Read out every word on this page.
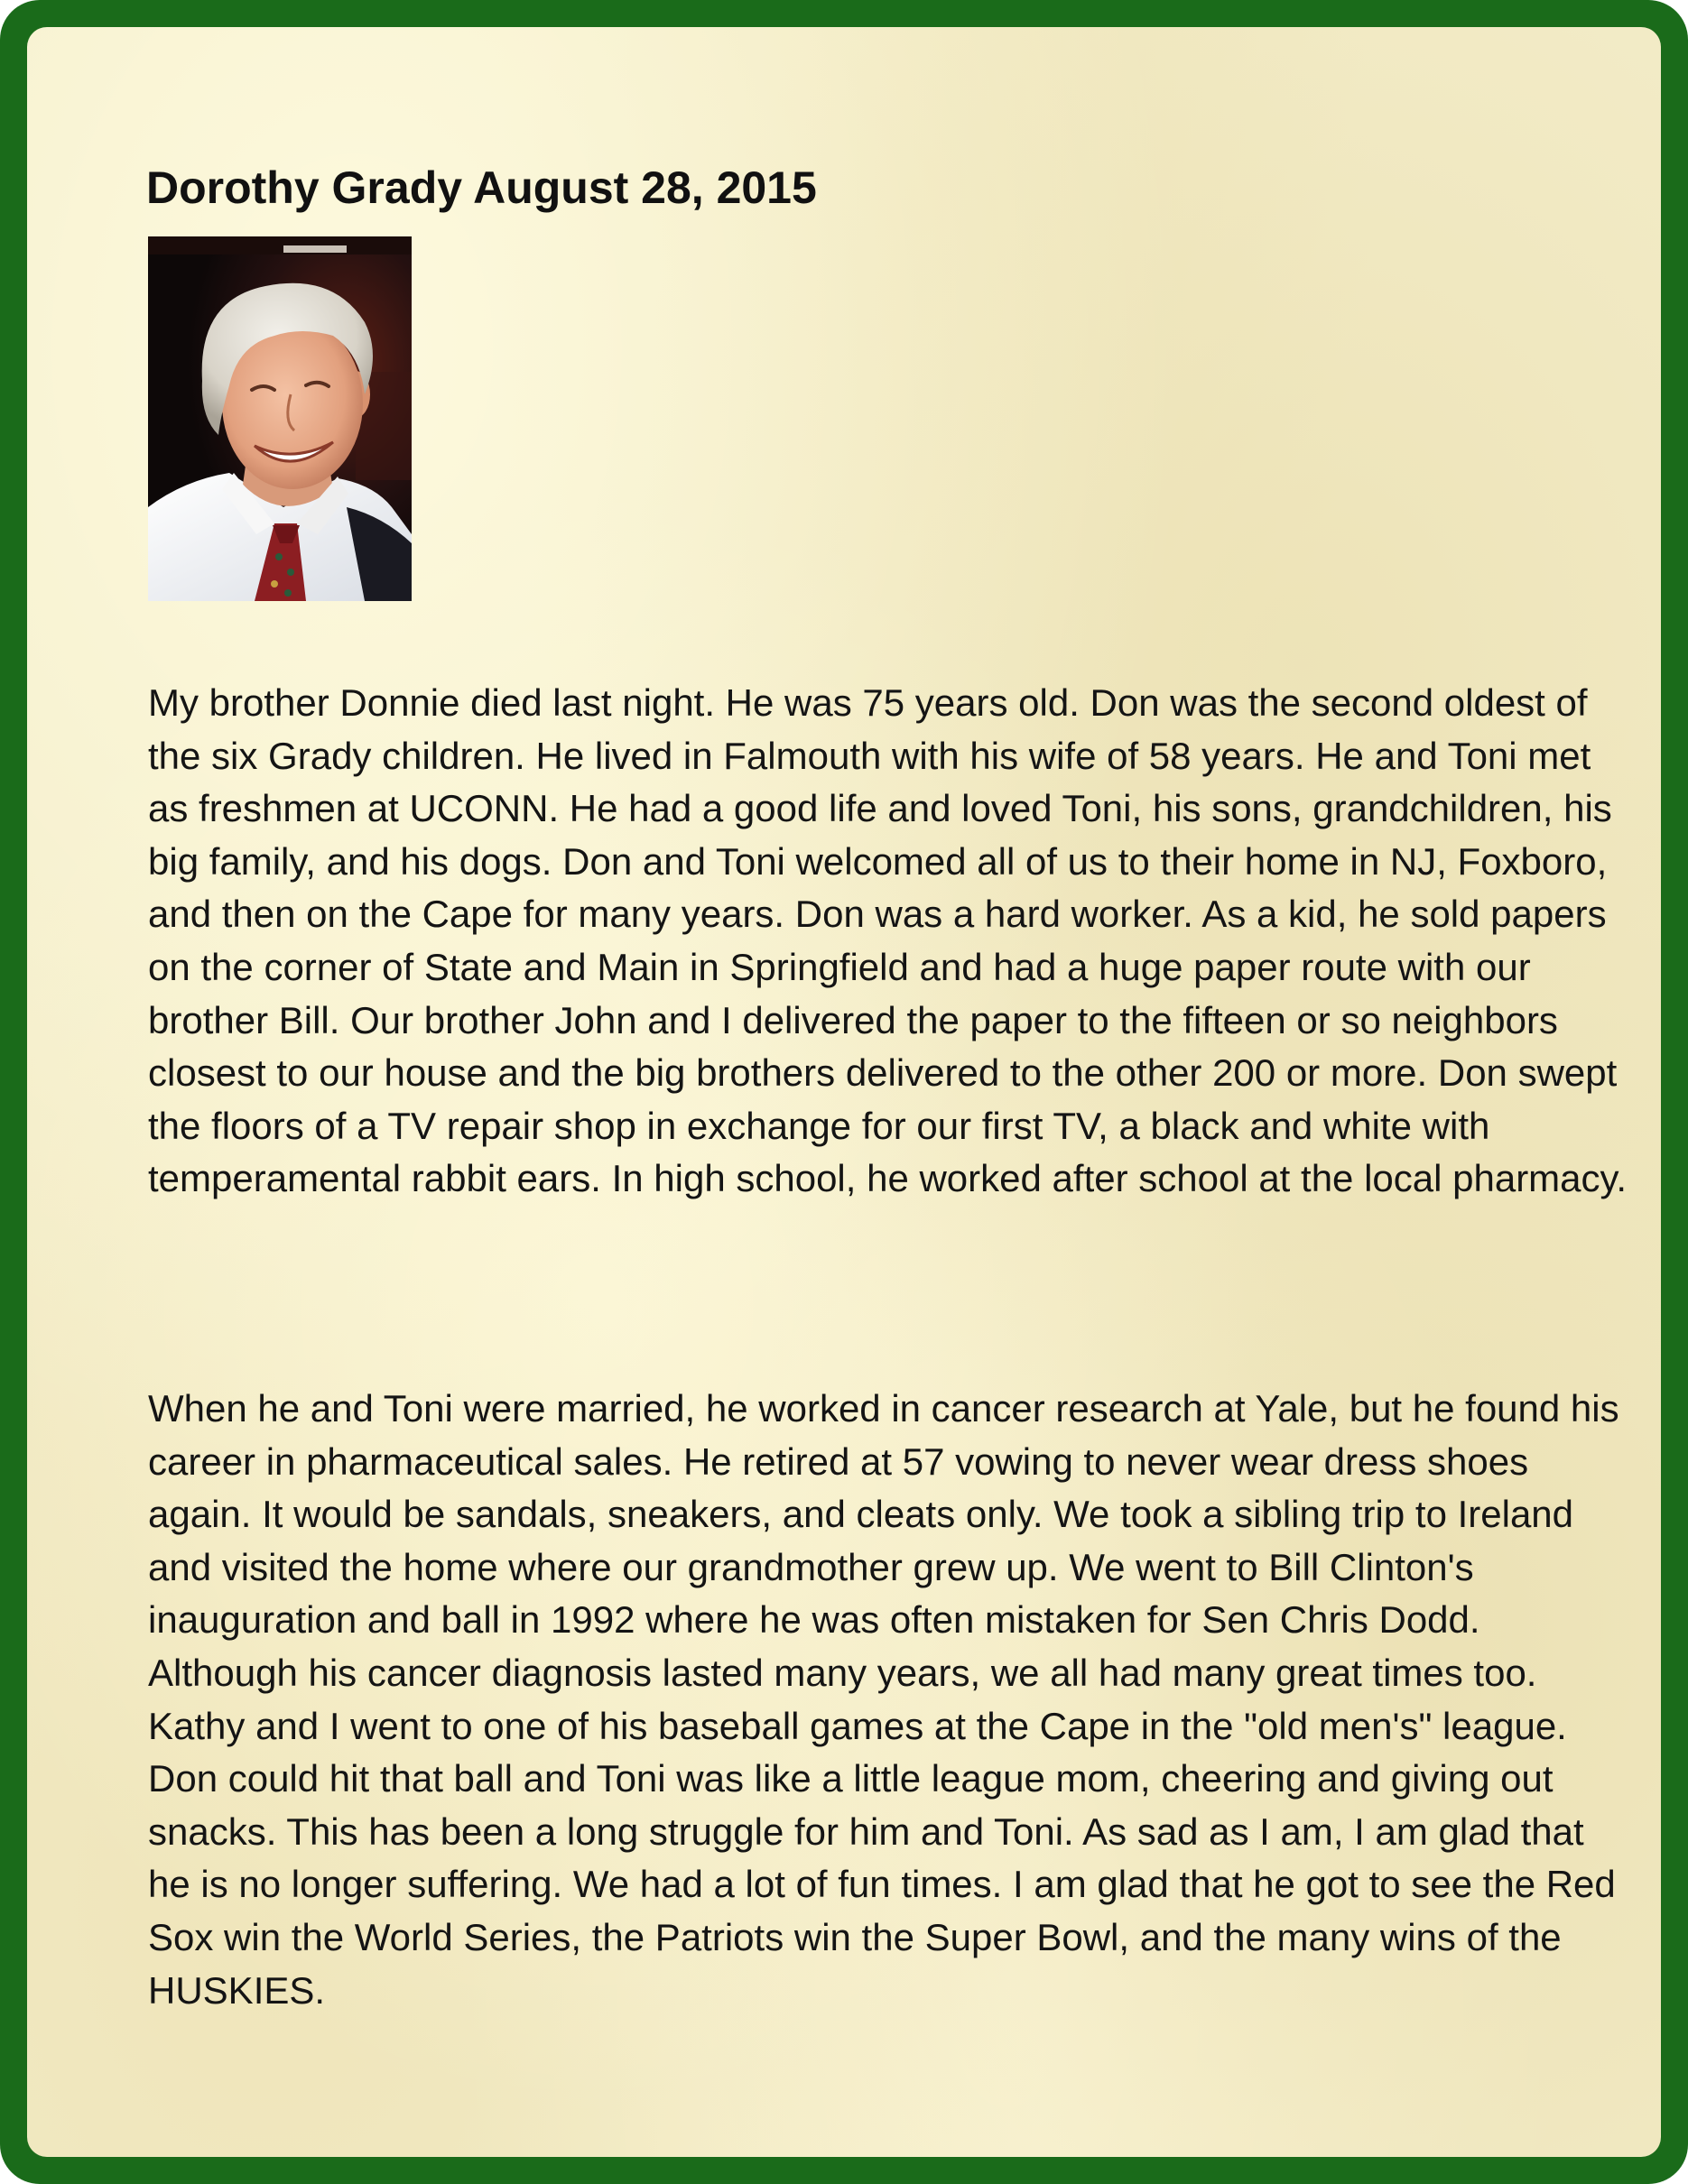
Dorothy Grady August 28, 2015

My brother Donnie died last night. He was 75 years old. Don was the second oldest of the six Grady children. He lived in Falmouth with his wife of 58 years. He and Toni met as freshmen at UCONN. He had a good life and loved Toni, his sons, grandchildren, his big family, and his dogs. Don and Toni welcomed all of us to their home in NJ, Foxboro, and then on the Cape for many years. Don was a hard worker. As a kid, he sold papers on the corner of State and Main in Springfield and had a huge paper route with our brother Bill. Our brother John and I delivered the paper to the fifteen or so neighbors closest to our house and the big brothers delivered to the other 200 or more. Don swept the floors of a TV repair shop in exchange for our first TV, a black and white with temperamental rabbit ears. In high school, he worked after school at the local pharmacy.

When he and Toni were married, he worked in cancer research at Yale, but he found his career in pharmaceutical sales. He retired at 57 vowing to never wear dress shoes again. It would be sandals, sneakers, and cleats only. We took a sibling trip to Ireland and visited the home where our grandmother grew up. We went to Bill Clinton's inauguration and ball in 1992 where he was often mistaken for Sen Chris Dodd. Although his cancer diagnosis lasted many years, we all had many great times too. Kathy and I went to one of his baseball games at the Cape in the "old men's" league. Don could hit that ball and Toni was like a little league mom, cheering and giving out snacks. This has been a long struggle for him and Toni. As sad as I am, I am glad that he is no longer suffering. We had a lot of fun times. I am glad that he got to see the Red Sox win the World Series, the Patriots win the Super Bowl, and the many wins of the HUSKIES.
